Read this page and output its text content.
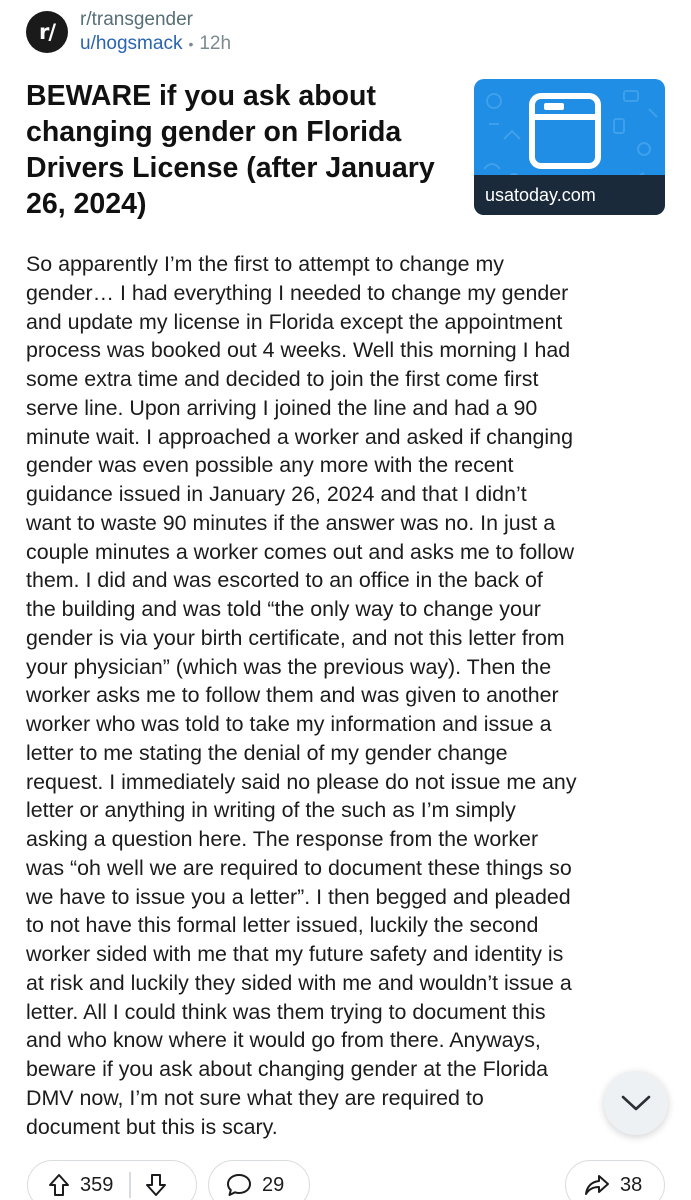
r/
r/transgender
u/hogsmack • 12h
BEWARE if you ask about changing gender on Florida Drivers License (after January 26, 2024)	usatoday.com
So apparently I’m the first to attempt to change my
gender… I had everything I needed to change my gender
and update my license in Florida except the appointment
process was booked out 4 weeks. Well this morning I had
some extra time and decided to join the first come first
serve line. Upon arriving I joined the line and had a 90
minute wait. I approached a worker and asked if changing
gender was even possible any more with the recent
guidance issued in January 26, 2024 and that I didn’t
want to waste 90 minutes if the answer was no. In just a
couple minutes a worker comes out and asks me to follow
them. I did and was escorted to an office in the back of
the building and was told “the only way to change your
gender is via your birth certificate, and not this letter from
your physician” (which was the previous way). Then the
worker asks me to follow them and was given to another
worker who was told to take my information and issue a
letter to me stating the denial of my gender change
request. I immediately said no please do not issue me any
letter or anything in writing of the such as I’m simply
asking a question here. The response from the worker
was “oh well we are required to document these things so
we have to issue you a letter”. I then begged and pleaded
to not have this formal letter issued, luckily the second
worker sided with me that my future safety and identity is
at risk and luckily they sided with me and wouldn’t issue a
letter. All I could think was them trying to document this
and who know where it would go from there. Anyways,
beware if you ask about changing gender at the Florida
DMV now, I’m not sure what they are required to
document but this is scary.
359	29	38
